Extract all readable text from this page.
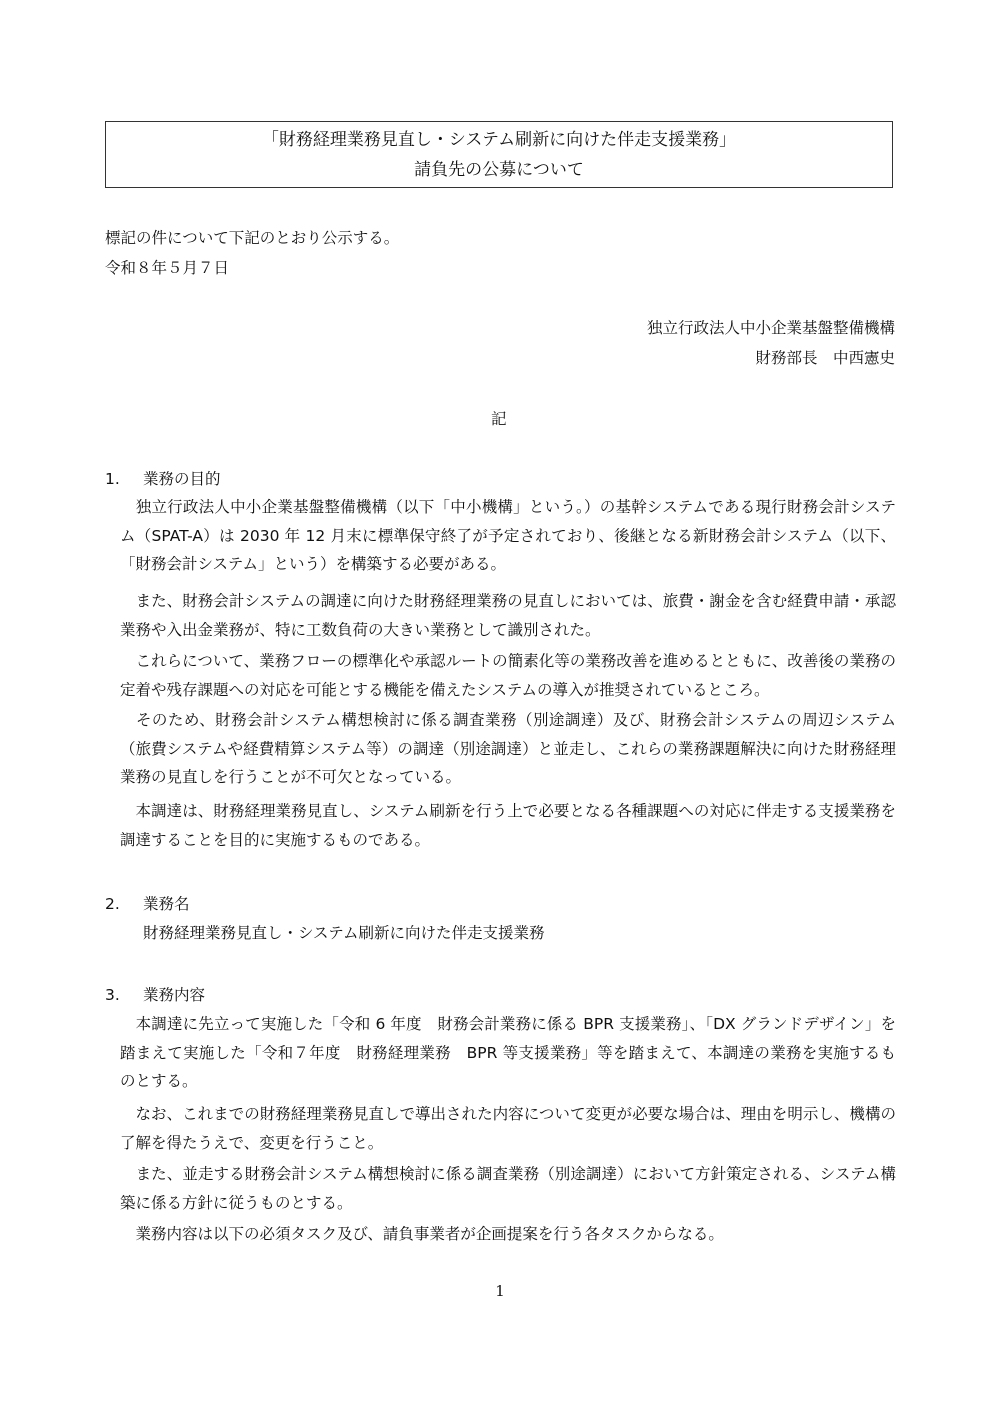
「財務経理業務見直し・システム刷新に向けた伴走支援業務」
請負先の公募について
標記の件について下記のとおり公示する。
令和８年５月７日
独立行政法人中小企業基盤整備機構
財務部長　中西憲史
記
1. 業務の目的
　独立行政法人中小企業基盤整備機構（以下「中小機構」という。）の基幹システムである現行財務会計システム（SPAT-A）は 2030 年 12 月末に標準保守終了が予定されており、後継となる新財務会計システム（以下、「財務会計システム」という）を構築する必要がある。
　また、財務会計システムの調達に向けた財務経理業務の見直しにおいては、旅費・謝金を含む経費申請・承認業務や入出金業務が、特に工数負荷の大きい業務として識別された。
　これらについて、業務フローの標準化や承認ルートの簡素化等の業務改善を進めるとともに、改善後の業務の定着や残存課題への対応を可能とする機能を備えたシステムの導入が推奨されているところ。
　そのため、財務会計システム構想検討に係る調査業務（別途調達）及び、財務会計システムの周辺システム（旅費システムや経費精算システム等）の調達（別途調達）と並走し、これらの業務課題解決に向けた財務経理業務の見直しを行うことが不可欠となっている。
　本調達は、財務経理業務見直し、システム刷新を行う上で必要となる各種課題への対応に伴走する支援業務を調達することを目的に実施するものである。
2. 業務名
財務経理業務見直し・システム刷新に向けた伴走支援業務
3. 業務内容
　本調達に先立って実施した「令和 6 年度　財務会計業務に係る BPR 支援業務」、「DX グランドデザイン」を踏まえて実施した「令和７年度　財務経理業務　BPR 等支援業務」等を踏まえて、本調達の業務を実施するものとする。
　なお、これまでの財務経理業務見直しで導出された内容について変更が必要な場合は、理由を明示し、機構の了解を得たうえで、変更を行うこと。
　また、並走する財務会計システム構想検討に係る調査業務（別途調達）において方針策定される、システム構築に係る方針に従うものとする。
　業務内容は以下の必須タスク及び、請負事業者が企画提案を行う各タスクからなる。
1
